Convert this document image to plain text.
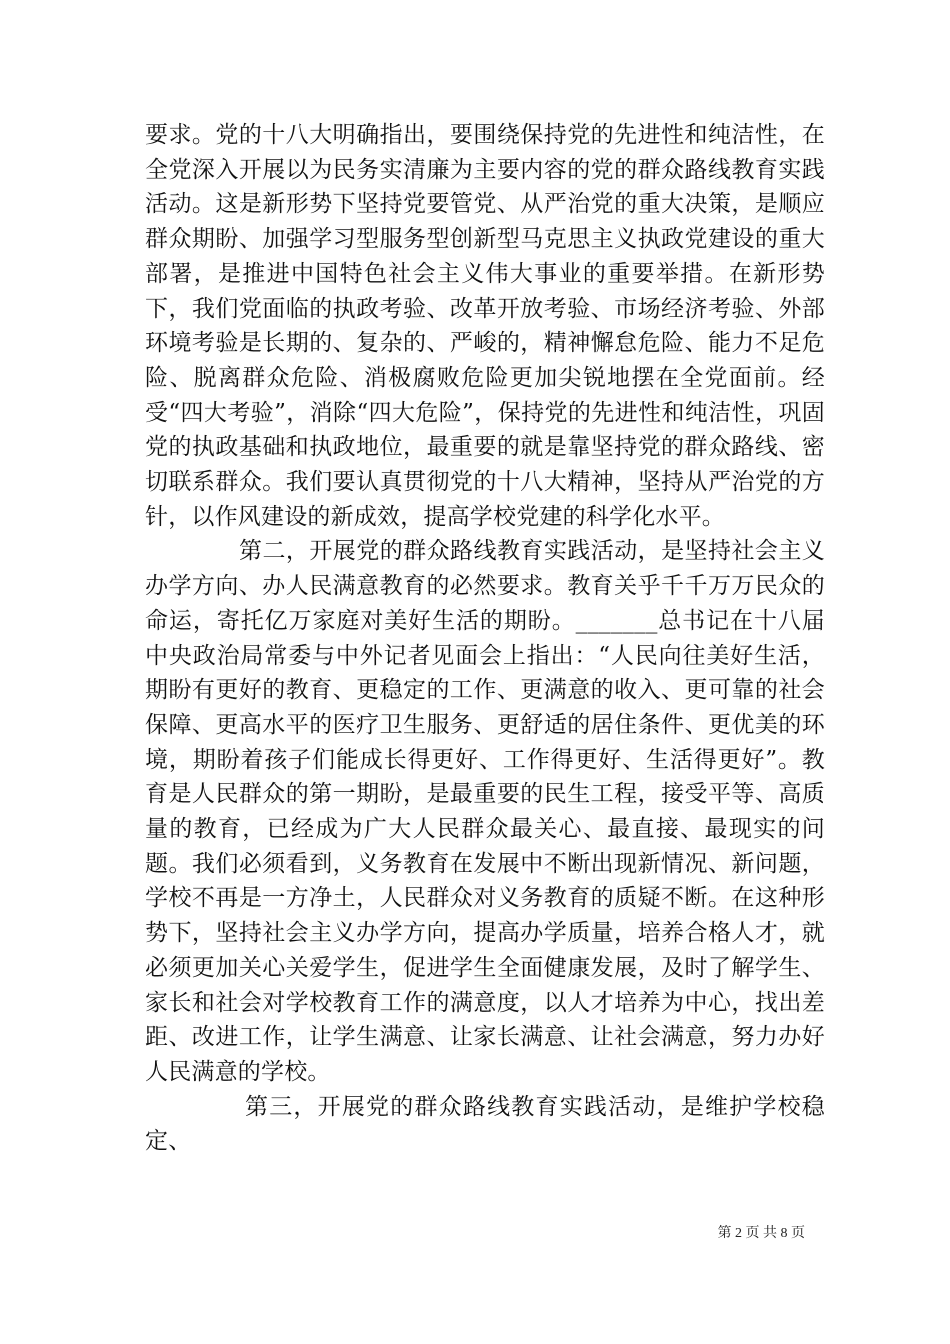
要求。党的十八大明确指出，要围绕保持党的先进性和纯洁性，在全党深入开展以为民务实清廉为主要内容的党的群众路线教育实践活动。这是新形势下坚持党要管党、从严治党的重大决策，是顺应群众期盼、加强学习型服务型创新型马克思主义执政党建设的重大部署，是推进中国特色社会主义伟大事业的重要举措。在新形势下，我们党面临的执政考验、改革开放考验、市场经济考验、外部环境考验是长期的、复杂的、严峻的，精神懈怠危险、能力不足危险、脱离群众危险、消极腐败危险更加尖锐地摆在全党面前。经受“四大考验”，消除“四大危险”，保持党的先进性和纯洁性，巩固党的执政基础和执政地位，最重要的就是靠坚持党的群众路线、密切联系群众。我们要认真贯彻党的十八大精神，坚持从严治党的方针，以作风建设的新成效，提高学校党建的科学化水平。

第二，开展党的群众路线教育实践活动，是坚持社会主义办学方向、办人民满意教育的必然要求。教育关乎千千万万民众的命运，寄托亿万家庭对美好生活的期盼。_______总书记在十八届中央政治局常委与中外记者见面会上指出：“人民向往美好生活，期盼有更好的教育、更稳定的工作、更满意的收入、更可靠的社会保障、更高水平的医疗卫生服务、更舒适的居住条件、更优美的环境，期盼着孩子们能成长得更好、工作得更好、生活得更好”。教育是人民群众的第一期盼，是最重要的民生工程，接受平等、高质量的教育，已经成为广大人民群众最关心、最直接、最现实的问题。我们必须看到，义务教育在发展中不断出现新情况、新问题，学校不再是一方净土，人民群众对义务教育的质疑不断。在这种形势下，坚持社会主义办学方向，提高办学质量，培养合格人才，就必须更加关心关爱学生，促进学生全面健康发展，及时了解学生、家长和社会对学校教育工作的满意度，以人才培养为中心，找出差距、改进工作，让学生满意、让家长满意、让社会满意，努力办好人民满意的学校。

第三，开展党的群众路线教育实践活动，是维护学校稳定、

第 2 页 共 8 页
